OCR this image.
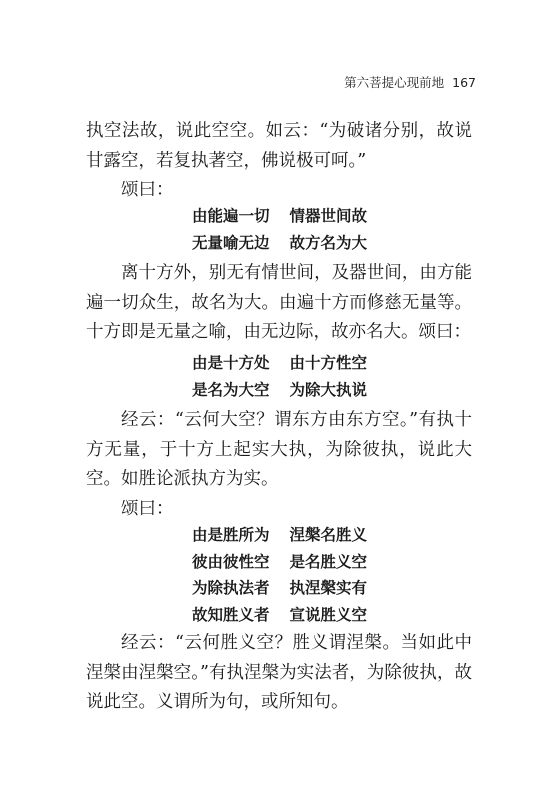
第六菩提心现前地 167

执空法故，说此空空。如云：“为破诸分别，故说甘露空，若复执著空，佛说极可呵。”

颂曰：

由能遍一切 情器世间故
无量喻无边 故方名为大

离十方外，别无有情世间，及器世间，由方能遍一切众生，故名为大。由遍十方而修慈无量等。十方即是无量之喻，由无边际，故亦名大。颂曰：

由是十方处 由十方性空
是名为大空 为除大执说

经云：“云何大空？谓东方由东方空。”有执十方无量，于十方上起实大执，为除彼执，说此大空。如胜论派执方为实。

颂曰：

由是胜所为 涅槃名胜义
彼由彼性空 是名胜义空
为除执法者 执涅槃实有
故知胜义者 宣说胜义空

经云：“云何胜义空？胜义谓涅槃。当如此中涅槃由涅槃空。”有执涅槃为实法者，为除彼执，故说此空。义谓所为句，或所知句。
